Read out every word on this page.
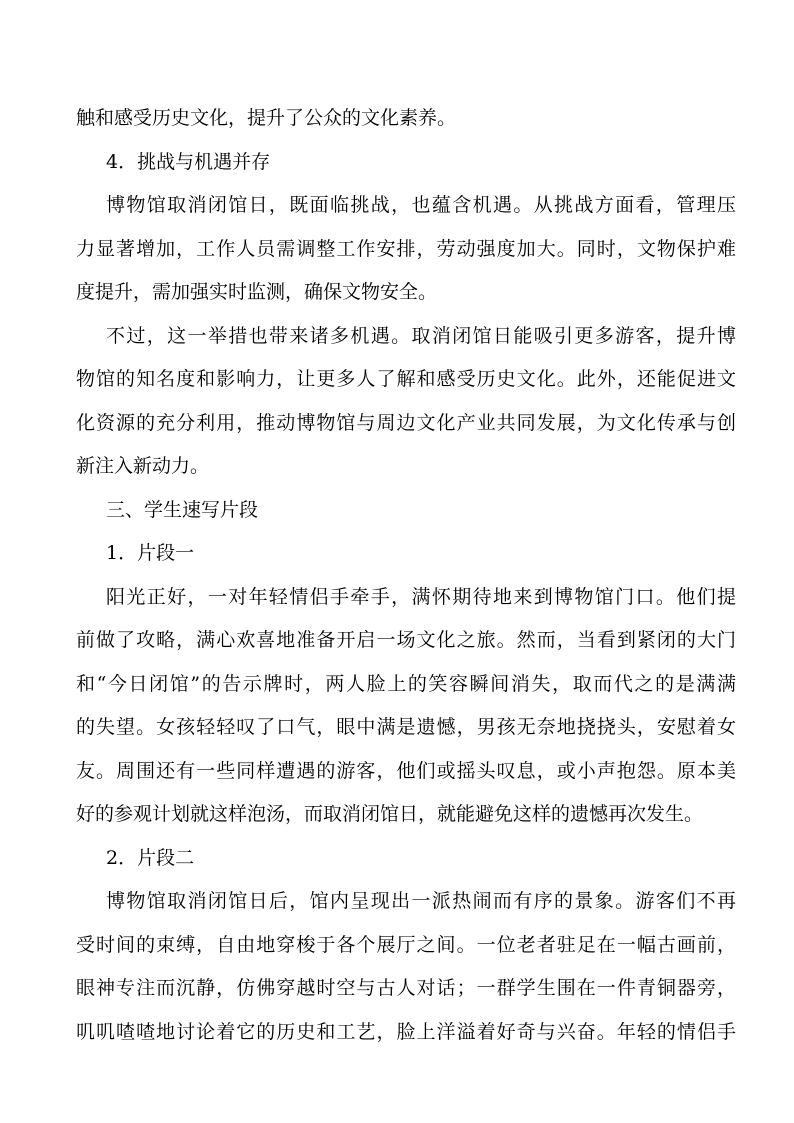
触和感受历史文化，提升了公众的文化素养。
4．挑战与机遇并存
博物馆取消闭馆日，既面临挑战，也蕴含机遇。从挑战方面看，管理压
力显著增加，工作人员需调整工作安排，劳动强度加大。同时，文物保护难
度提升，需加强实时监测，确保文物安全。
不过，这一举措也带来诸多机遇。取消闭馆日能吸引更多游客，提升博
物馆的知名度和影响力，让更多人了解和感受历史文化。此外，还能促进文
化资源的充分利用，推动博物馆与周边文化产业共同发展，为文化传承与创
新注入新动力。
三、学生速写片段
1．片段一
阳光正好，一对年轻情侣手牵手，满怀期待地来到博物馆门口。他们提
前做了攻略，满心欢喜地准备开启一场文化之旅。然而，当看到紧闭的大门
和“今日闭馆”的告示牌时，两人脸上的笑容瞬间消失，取而代之的是满满
的失望。女孩轻轻叹了口气，眼中满是遗憾，男孩无奈地挠挠头，安慰着女
友。周围还有一些同样遭遇的游客，他们或摇头叹息，或小声抱怨。原本美
好的参观计划就这样泡汤，而取消闭馆日，就能避免这样的遗憾再次发生。
2．片段二
博物馆取消闭馆日后，馆内呈现出一派热闹而有序的景象。游客们不再
受时间的束缚，自由地穿梭于各个展厅之间。一位老者驻足在一幅古画前，
眼神专注而沉静，仿佛穿越时空与古人对话；一群学生围在一件青铜器旁，
叽叽喳喳地讨论着它的历史和工艺，脸上洋溢着好奇与兴奋。年轻的情侣手
